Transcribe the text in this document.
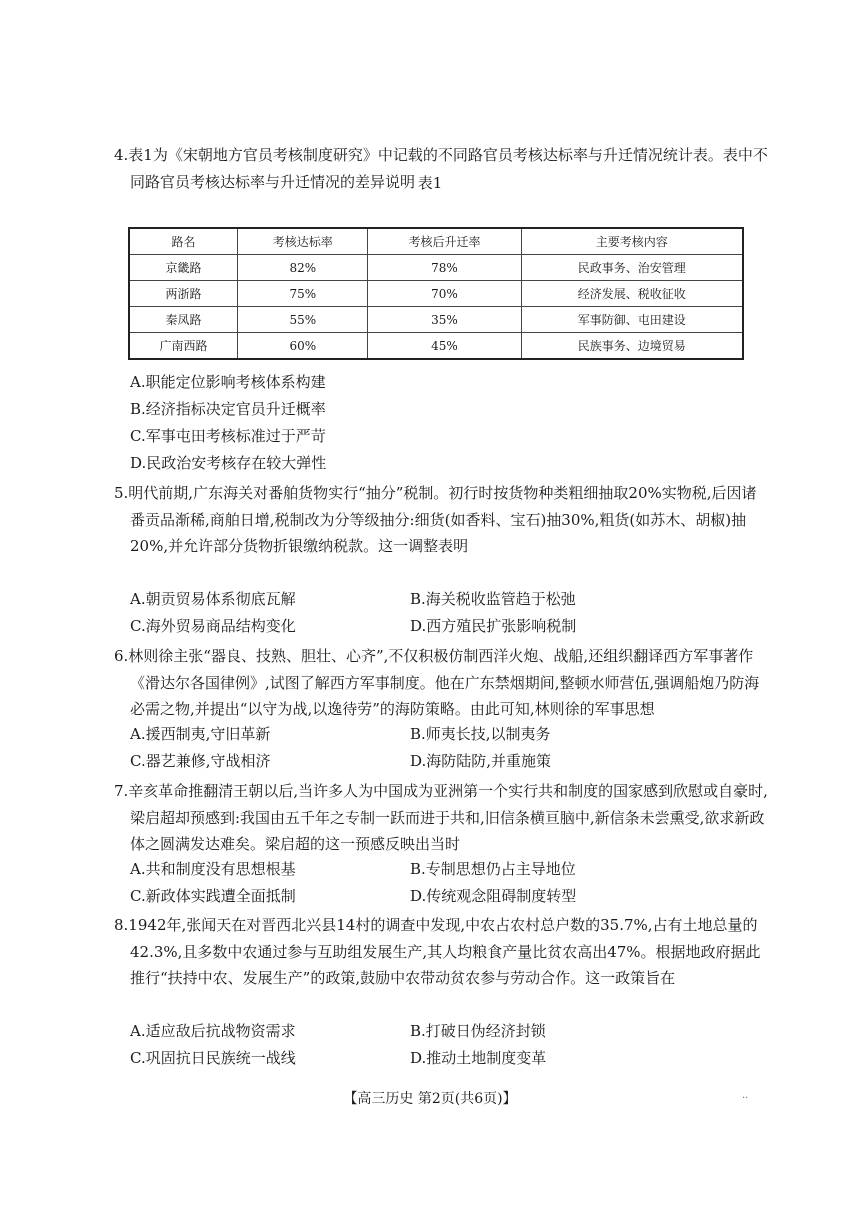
4.表1为《宋朝地方官员考核制度研究》中记载的不同路官员考核达标率与升迁情况统计表。表中不同路官员考核达标率与升迁情况的差异说明 表1
路名	考核达标率	考核后升迁率	主要考核内容
京畿路	82%	78%	民政事务、治安管理
两浙路	75%	70%	经济发展、税收征收
秦凤路	55%	35%	军事防御、屯田建设
广南西路	60%	45%	民族事务、边境贸易
A.职能定位影响考核体系构建
B.经济指标决定官员升迁概率
C.军事屯田考核标准过于严苛
D.民政治安考核存在较大弹性
5.明代前期,广东海关对番舶货物实行“抽分”税制。初行时按货物种类粗细抽取20%实物税,后因诸番贡品渐稀,商舶日增,税制改为分等级抽分:细货(如香料、宝石)抽30%,粗货(如苏木、胡椒)抽20%,并允许部分货物折银缴纳税款。这一调整表明
A.朝贡贸易体系彻底瓦解	B.海关税收监管趋于松弛
C.海外贸易商品结构变化	D.西方殖民扩张影响税制
6.林则徐主张“器良、技熟、胆壮、心齐”,不仅积极仿制西洋火炮、战船,还组织翻译西方军事著作《滑达尔各国律例》,试图了解西方军事制度。他在广东禁烟期间,整顿水师营伍,强调船炮乃防海必需之物,并提出“以守为战,以逸待劳”的海防策略。由此可知,林则徐的军事思想
A.援西制夷,守旧革新	B.师夷长技,以制夷务
C.器艺兼修,守战相济	D.海防陆防,并重施策
7.辛亥革命推翻清王朝以后,当许多人为中国成为亚洲第一个实行共和制度的国家感到欣慰或自豪时,梁启超却预感到:我国由五千年之专制一跃而进于共和,旧信条横亘脑中,新信条未尝熏受,欲求新政体之圆满发达难矣。梁启超的这一预感反映出当时
A.共和制度没有思想根基	B.专制思想仍占主导地位
C.新政体实践遭全面抵制	D.传统观念阻碍制度转型
8.1942年,张闻天在对晋西北兴县14村的调查中发现,中农占农村总户数的35.7%,占有土地总量的42.3%,且多数中农通过参与互助组发展生产,其人均粮食产量比贫农高出47%。根据地政府据此推行“扶持中农、发展生产”的政策,鼓励中农带动贫农参与劳动合作。这一政策旨在
A.适应敌后抗战物资需求	B.打破日伪经济封锁
C.巩固抗日民族统一战线	D.推动土地制度变革
【高三历史 第2页(共6页)】	..
